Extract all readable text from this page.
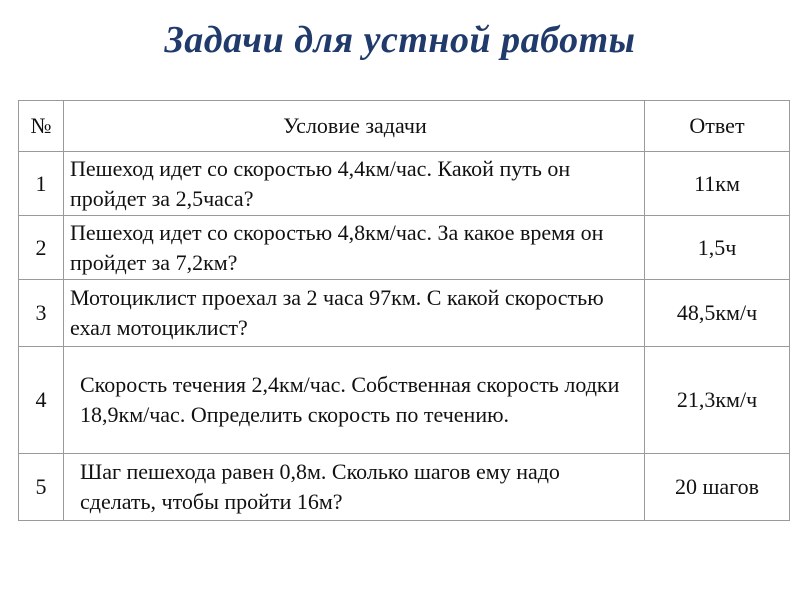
Задачи для устной работы
№	Условие задачи	Ответ
1	Пешеход идет со скоростью 4,4км/час. Какой путь он пройдет за 2,5часа?	11км
2	Пешеход идет со скоростью 4,8км/час. За какое время он пройдет за 7,2км?	1,5ч
3	Мотоциклист проехал за 2 часа 97км. С какой скоростью ехал мотоциклист?	48,5км/ч
4	Скорость течения 2,4км/час. Собственная скорость лодки 18,9км/час. Определить скорость по течению.	21,3км/ч
5	Шаг пешехода равен 0,8м. Сколько шагов ему надо сделать, чтобы пройти 16м?	20 шагов
